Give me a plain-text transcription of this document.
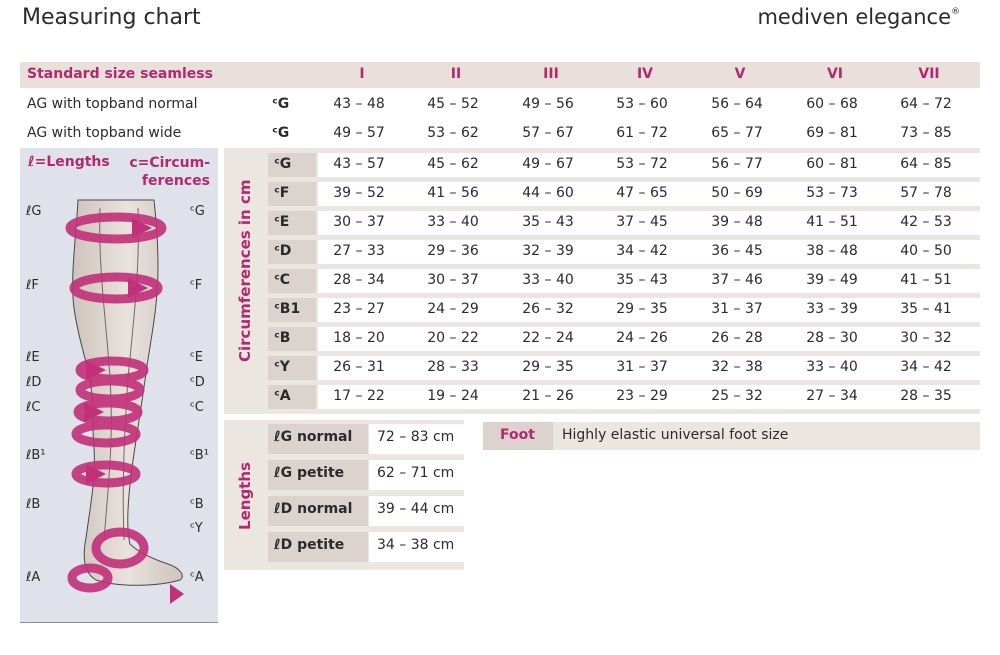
Measuring chart	mediven elegance®
Standard size seamless	I	II	III	IV	V	VI	VII
AG with topband normal	ᶜG	43 – 48	45 – 52	49 – 56	53 – 60	56 – 64	60 – 68	64 – 72
AG with topband wide	ᶜG	49 – 57	53 – 62	57 – 67	61 – 72	65 – 77	69 – 81	73 – 85
Circumferences in cm
ᶜG	43 – 57	45 – 62	49 – 67	53 – 72	56 – 77	60 – 81	64 – 85
ᶜF	39 – 52	41 – 56	44 – 60	47 – 65	50 – 69	53 – 73	57 – 78
ᶜE	30 – 37	33 – 40	35 – 43	37 – 45	39 – 48	41 – 51	42 – 53
ᶜD	27 – 33	29 – 36	32 – 39	34 – 42	36 – 45	38 – 48	40 – 50
ᶜC	28 – 34	30 – 37	33 – 40	35 – 43	37 – 46	39 – 49	41 – 51
ᶜB1	23 – 27	24 – 29	26 – 32	29 – 35	31 – 37	33 – 39	35 – 41
ᶜB	18 – 20	20 – 22	22 – 24	24 – 26	26 – 28	28 – 30	30 – 32
ᶜY	26 – 31	28 – 33	29 – 35	31 – 37	32 – 38	33 – 40	34 – 42
ᶜA	17 – 22	19 – 24	21 – 26	23 – 29	25 – 32	27 – 34	28 – 35
Lengths
ℓG normal 72 – 83 cm
ℓG petite 62 – 71 cm
ℓD normal 39 – 44 cm
ℓD petite 34 – 38 cm
Foot Highly elastic universal foot size
ℓ=Lengths c=Circum-
ferences
ℓG
ℓF
ℓE
ℓD
ℓC
ℓB¹
ℓB
ℓA
ᶜG
ᶜF
ᶜE
ᶜD
ᶜC
ᶜB¹
ᶜB
ᶜY
ᶜA
